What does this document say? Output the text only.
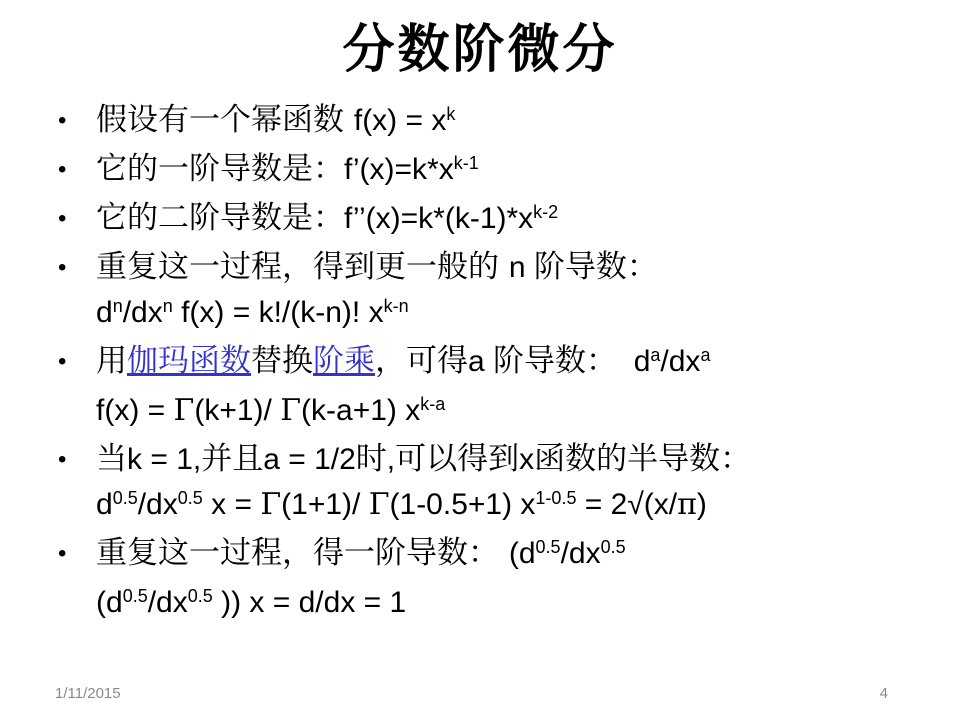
分数阶微分
• 假设有一个幂函数 $f(x) = x^k$
• 它的一阶导数是：$f’(x)=k*x^{k-1}$
• 它的二阶导数是：$f’’(x)=k*(k-1)*x^{k-2}$
• 重复这一过程，得到更一般的 n 阶导数：
$d^n/dx^n$ f(x) = k!/(k-n)! $x^{k-n}$
• 用伽玛函数替换阶乘，可得a 阶导数：  $d^a/dx^a$
f(x) = Γ(k+1)/ Γ(k-a+1) $x^{k-a}$
• 当k = 1,并且a = 1/2时,可以得到x函数的半导数：
$d^{0.5}/dx^{0.5}$ x = Γ(1+1)/ Γ(1-0.5+1) $x^{1-0.5} = 2√(x/\pi)$
• 重复这一过程，得一阶导数： ($d^{0.5}/dx^{0.5}$
($d^{0.5}/dx^{0.5}$ )) x = d/dx = 1
1/11/2015	4
